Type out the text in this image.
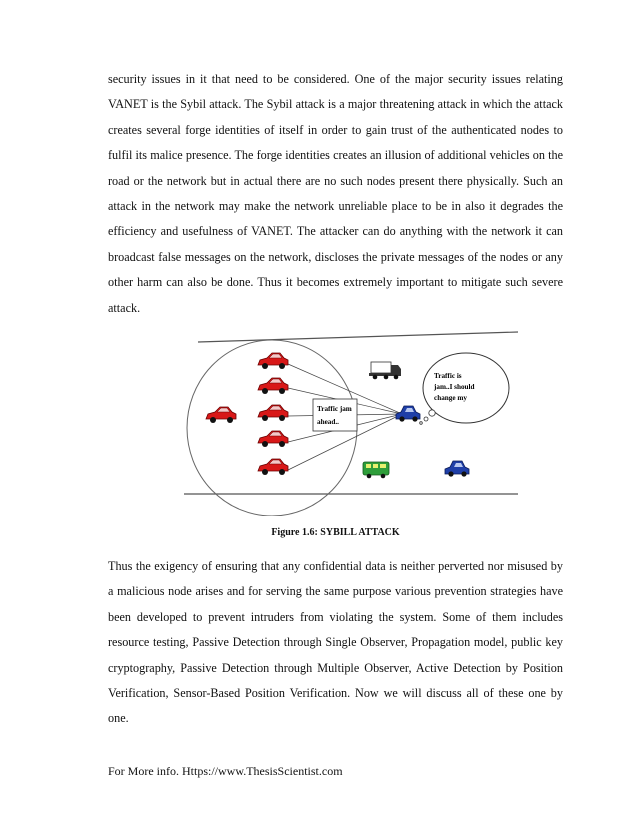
security issues in it that need to be considered. One of the major security issues relating VANET is the Sybil attack. The Sybil attack is a major threatening attack in which the attack creates several forge identities of itself in order to gain trust of the authenticated nodes to fulfil its malice presence. The forge identities creates an illusion of additional vehicles on the road or the network but in actual there are no such nodes present there physically. Such an attack in the network may make the network unreliable place to be in also it degrades the efficiency and usefulness of VANET. The attacker can do anything with the network it can broadcast false messages on the network, discloses the private messages of the nodes or any other harm can also be done. Thus it becomes extremely important to mitigate such severe attack.

Traffic jam
ahead..
Traffic is
jam..I should
change my
Figure 1.6: SYBILL ATTACK

Thus the exigency of ensuring that any confidential data is neither perverted nor misused by a malicious node arises and for serving the same purpose various prevention strategies have been developed to prevent intruders from violating the system. Some of them includes resource testing, Passive Detection through Single Observer, Propagation model, public key cryptography, Passive Detection through Multiple Observer, Active Detection by Position Verification, Sensor-Based Position Verification. Now we will discuss all of these one by one.

For More info. Https://www.ThesisScientist.com
